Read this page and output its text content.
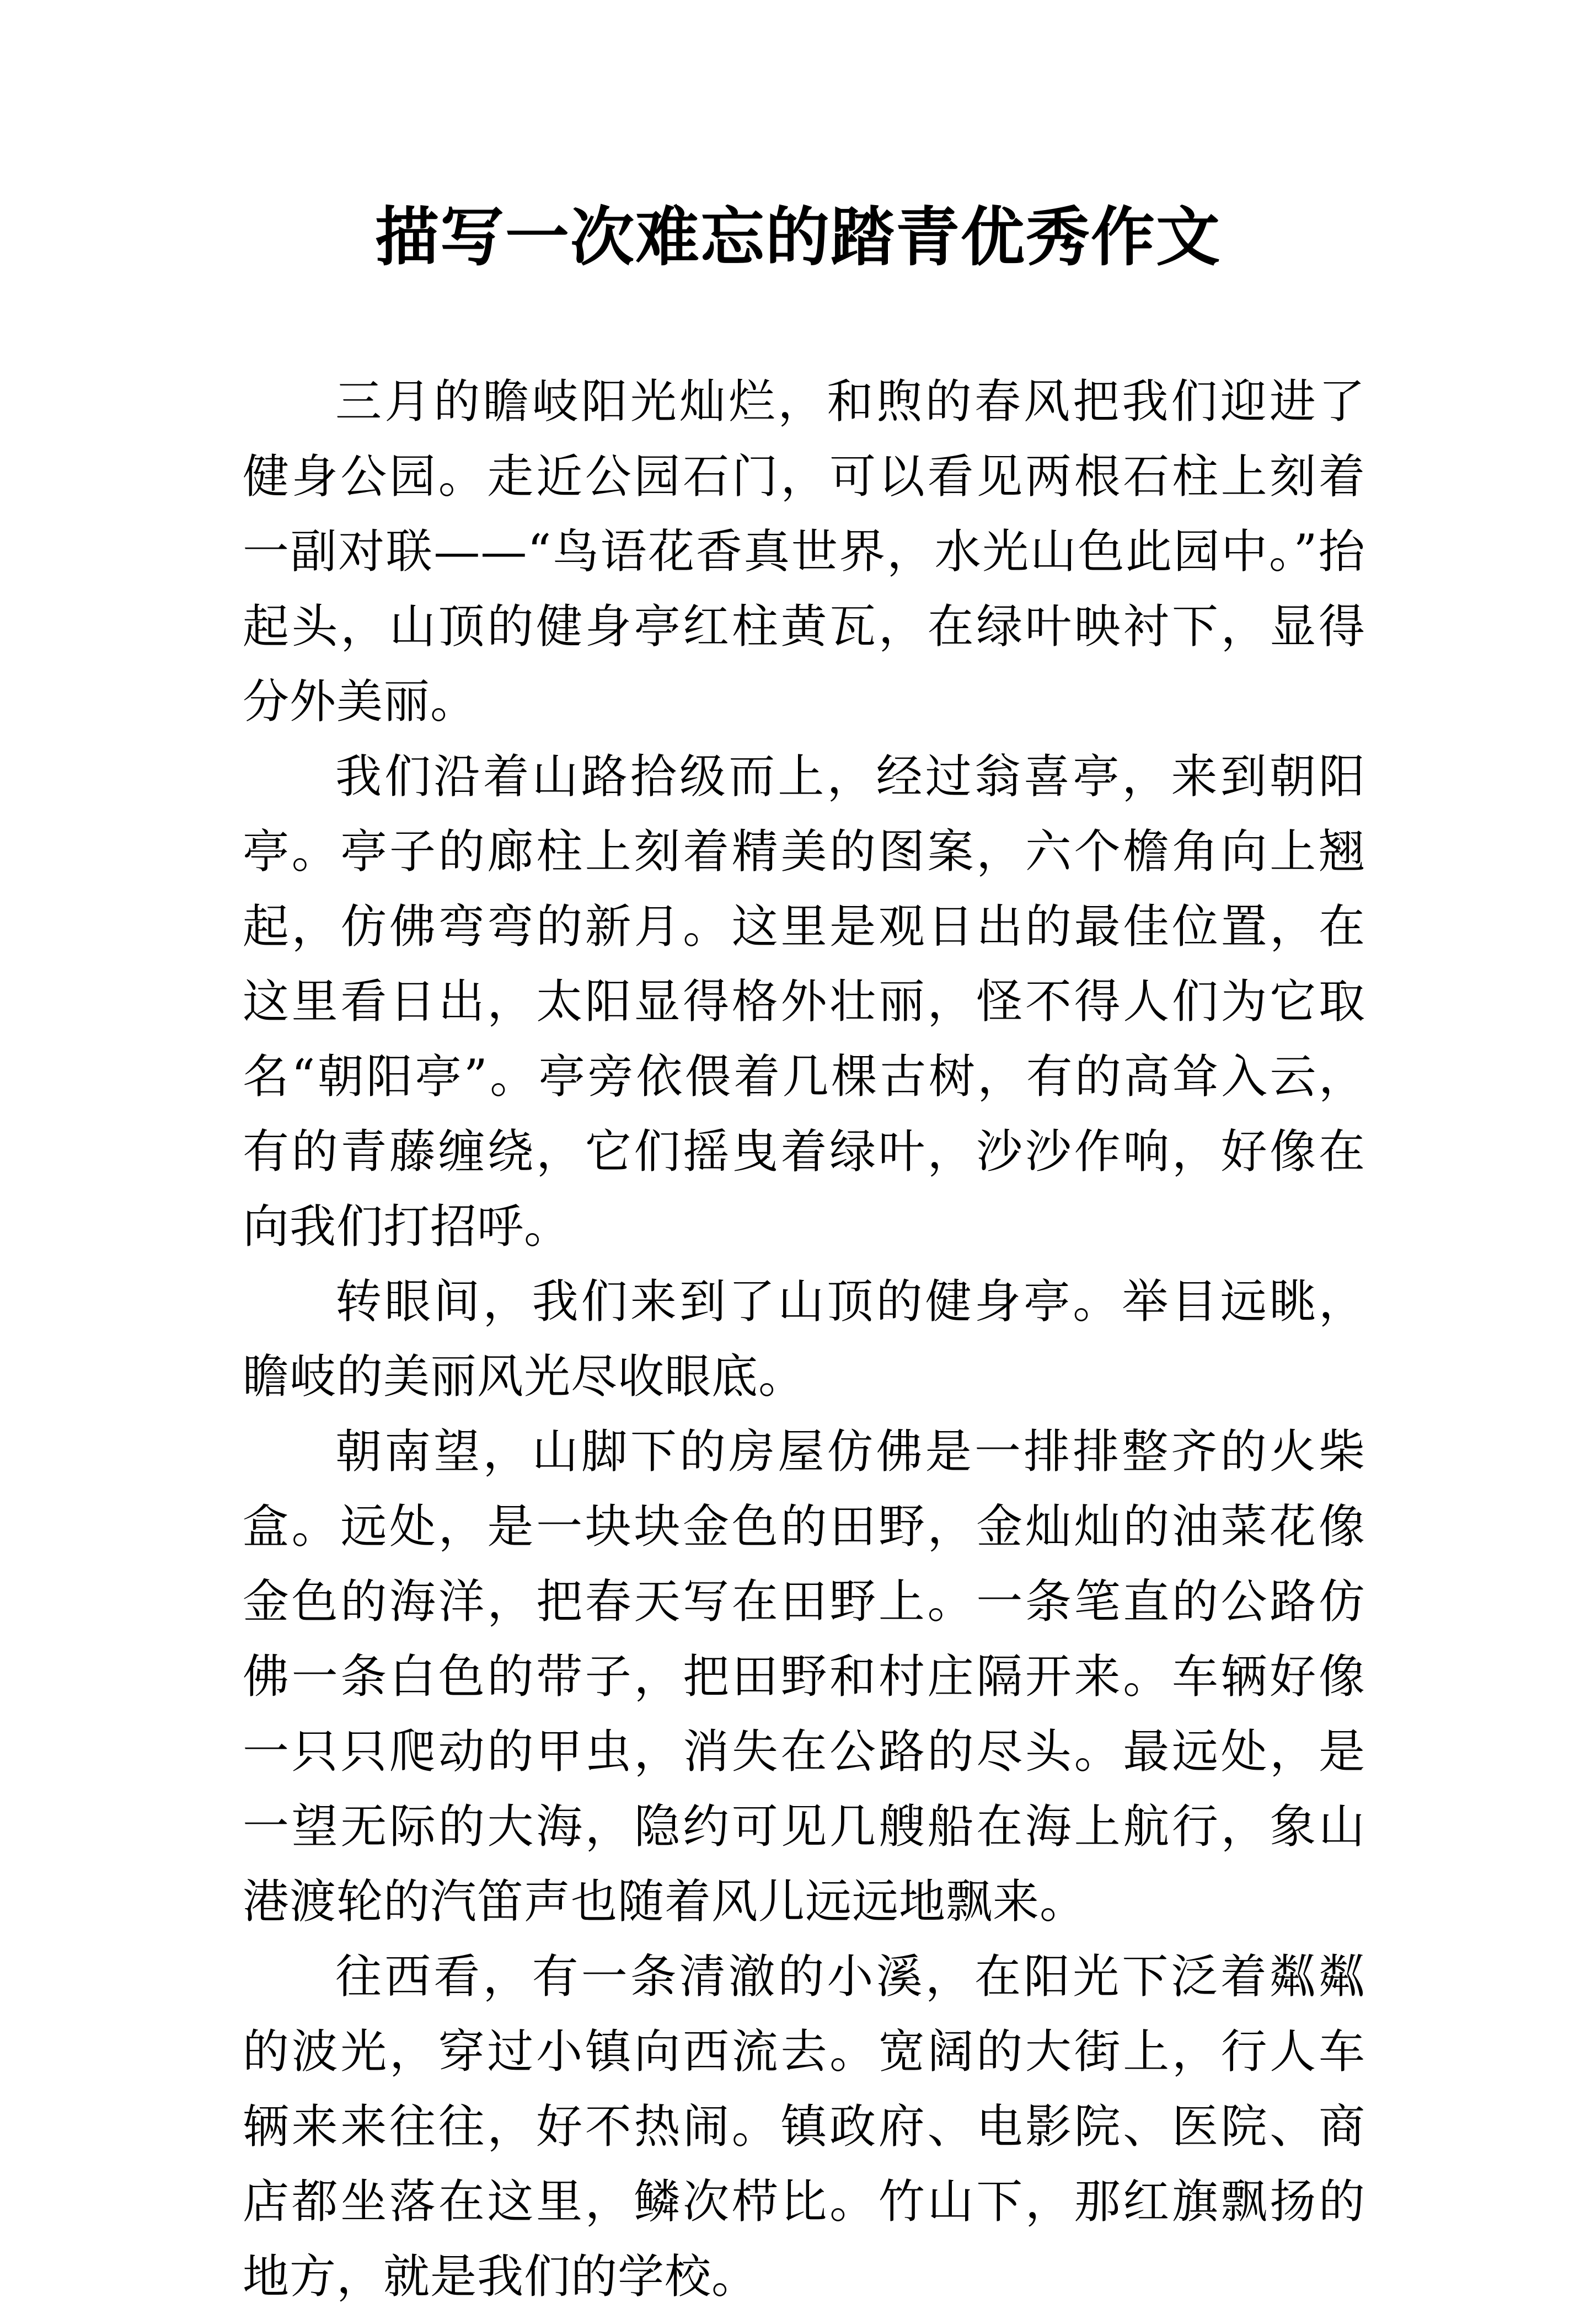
描写一次难忘的踏青优秀作文

三月的瞻岐阳光灿烂，和煦的春风把我们迎进了健身公园。走近公园石门，可以看见两根石柱上刻着一副对联——“鸟语花香真世界，水光山色此园中。”抬起头，山顶的健身亭红柱黄瓦，在绿叶映衬下，显得分外美丽。

我们沿着山路拾级而上，经过翁喜亭，来到朝阳亭。亭子的廊柱上刻着精美的图案，六个檐角向上翘起，仿佛弯弯的新月。这里是观日出的最佳位置，在这里看日出，太阳显得格外壮丽，怪不得人们为它取名“朝阳亭”。亭旁依偎着几棵古树，有的高耸入云，有的青藤缠绕，它们摇曳着绿叶，沙沙作响，好像在向我们打招呼。

转眼间，我们来到了山顶的健身亭。举目远眺，瞻岐的美丽风光尽收眼底。

朝南望，山脚下的房屋仿佛是一排排整齐的火柴盒。远处，是一块块金色的田野，金灿灿的油菜花像金色的海洋，把春天写在田野上。一条笔直的公路仿佛一条白色的带子，把田野和村庄隔开来。车辆好像一只只爬动的甲虫，消失在公路的尽头。最远处，是一望无际的大海，隐约可见几艘船在海上航行，象山港渡轮的汽笛声也随着风儿远远地飘来。

往西看，有一条清澈的小溪，在阳光下泛着粼粼的波光，穿过小镇向西流去。宽阔的大街上，行人车辆来来往往，好不热闹。镇政府、电影院、医院、商店都坐落在这里，鳞次栉比。竹山下，那红旗飘扬的地方，就是我们的学校。
